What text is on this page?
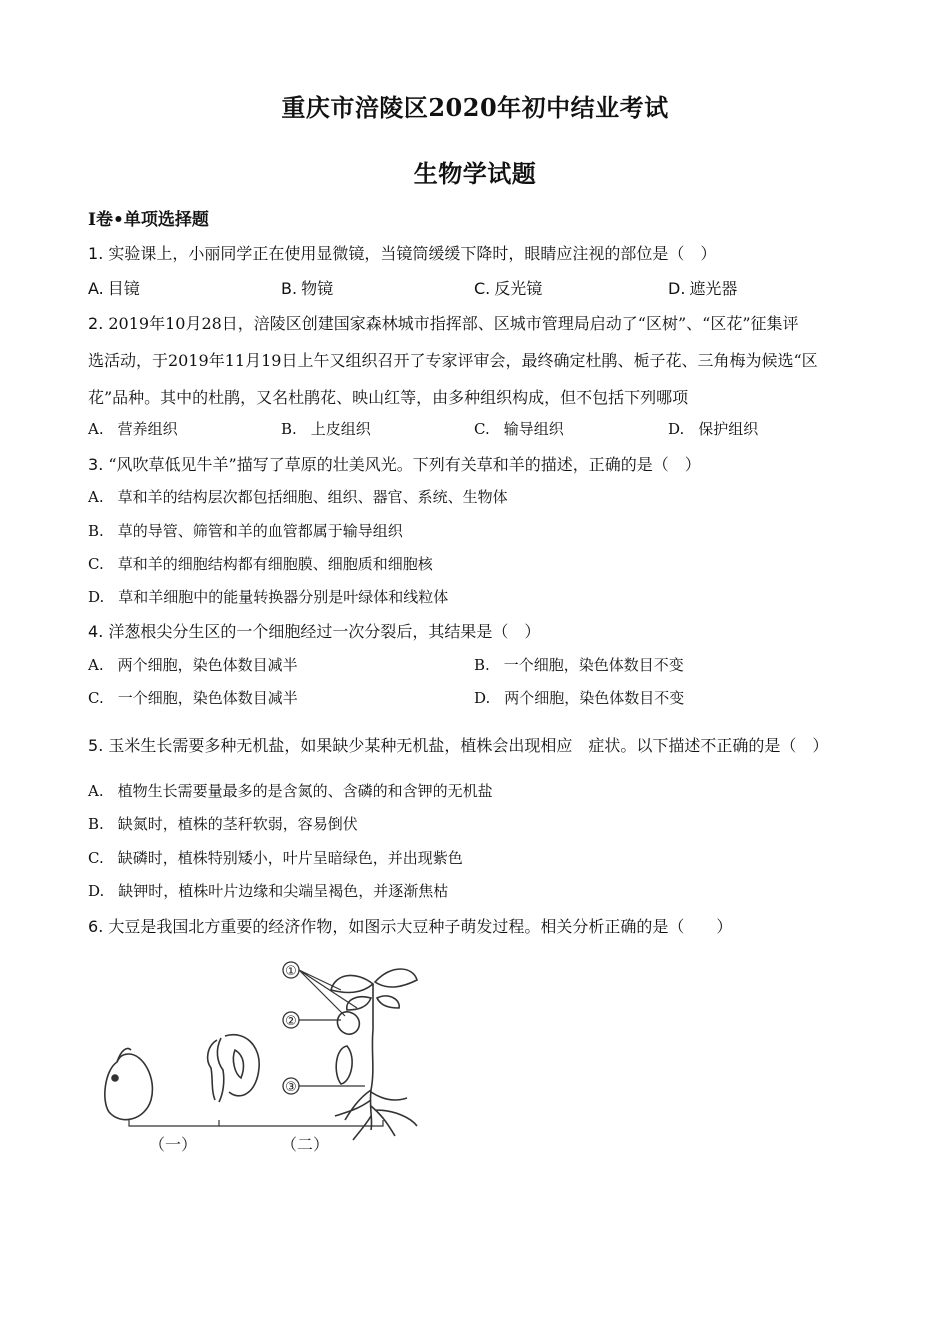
重庆市涪陵区2020年初中结业考试
生物学试题
Ⅰ卷•单项选择题
1. 实验课上，小丽同学正在使用显微镜，当镜筒缓缓下降时，眼睛应注视的部位是（　）
A. 目镜	B. 物镜	C. 反光镜	D. 遮光器
2. 2019年10月28日，涪陵区创建国家森林城市指挥部、区城市管理局启动了“区树”、“区花”征集评
选活动，于2019年11月19日上午又组织召开了专家评审会，最终确定杜鹃、栀子花、三角梅为候选“区
花”品种。其中的杜鹃，又名杜鹃花、映山红等，由多种组织构成，但不包括下列哪项
A. 营养组织	B. 上皮组织	C. 输导组织	D. 保护组织
3. “风吹草低见牛羊”描写了草原的壮美风光。下列有关草和羊的描述，正确的是（　）
A. 草和羊的结构层次都包括细胞、组织、器官、系统、生物体
B. 草的导管、筛管和羊的血管都属于输导组织
C. 草和羊的细胞结构都有细胞膜、细胞质和细胞核
D. 草和羊细胞中的能量转换器分别是叶绿体和线粒体
4. 洋葱根尖分生区的一个细胞经过一次分裂后，其结果是（　）
A. 两个细胞，染色体数目减半	B. 一个细胞，染色体数目不变
C. 一个细胞，染色体数目减半	D. 两个细胞，染色体数目不变
5. 玉米生长需要多种无机盐，如果缺少某种无机盐，植株会出现相应　症状。以下描述不正确的是（　）
A. 植物生长需要量最多的是含氮的、含磷的和含钾的无机盐
B. 缺氮时，植株的茎秆软弱，容易倒伏
C. 缺磷时，植株特别矮小，叶片呈暗绿色，并出现紫色
D. 缺钾时，植株叶片边缘和尖端呈褐色，并逐渐焦枯
6. 大豆是我国北方重要的经济作物，如图示大豆种子萌发过程。相关分析正确的是（　　）
①
②
③
（一）	（二）
